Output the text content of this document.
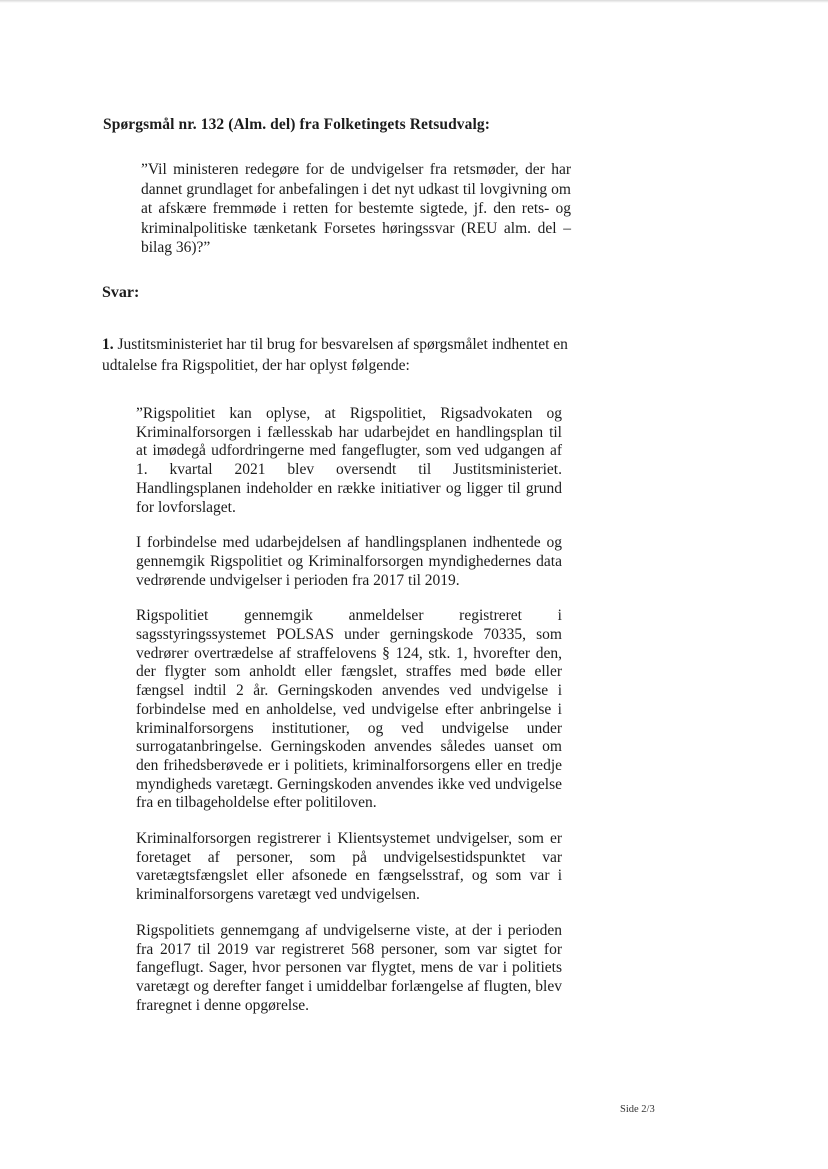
Spørgsmål nr. 132 (Alm. del) fra Folketingets Retsudvalg:

”Vil ministeren redegøre for de undvigelser fra retsmøder, der har dannet grundlaget for anbefalingen i det nyt udkast til lovgivning om at afskære fremmøde i retten for bestemte sigtede, jf. den rets- og kriminalpolitiske tænketank Forsetes høringssvar (REU alm. del – bilag 36)?”

Svar:

1. Justitsministeriet har til brug for besvarelsen af spørgsmålet indhentet en udtalelse fra Rigspolitiet, der har oplyst følgende:

”Rigspolitiet kan oplyse, at Rigspolitiet, Rigsadvokaten og Kriminalforsorgen i fællesskab har udarbejdet en handlingsplan til at imødegå udfordringerne med fangeflugter, som ved udgangen af 1. kvartal 2021 blev oversendt til Justitsministeriet. Handlingsplanen indeholder en række initiativer og ligger til grund for lovforslaget.

I forbindelse med udarbejdelsen af handlingsplanen indhentede og gennemgik Rigspolitiet og Kriminalforsorgen myndighedernes data vedrørende undvigelser i perioden fra 2017 til 2019.

Rigspolitiet gennemgik anmeldelser registreret i sagsstyringssystemet POLSAS under gerningskode 70335, som vedrører overtrædelse af straffelovens § 124, stk. 1, hvorefter den, der flygter som anholdt eller fængslet, straffes med bøde eller fængsel indtil 2 år. Gerningskoden anvendes ved undvigelse i forbindelse med en anholdelse, ved undvigelse efter anbringelse i kriminalforsorgens institutioner, og ved undvigelse under surrogatanbringelse. Gerningskoden anvendes således uanset om den frihedsberøvede er i politiets, kriminalforsorgens eller en tredje myndigheds varetægt. Gerningskoden anvendes ikke ved undvigelse fra en tilbageholdelse efter politiloven.

Kriminalforsorgen registrerer i Klientsystemet undvigelser, som er foretaget af personer, som på undvigelsestidspunktet var varetægtsfængslet eller afsonede en fængselsstraf, og som var i kriminalforsorgens varetægt ved undvigelsen.

Rigspolitiets gennemgang af undvigelserne viste, at der i perioden fra 2017 til 2019 var registreret 568 personer, som var sigtet for fangeflugt. Sager, hvor personen var flygtet, mens de var i politiets varetægt og derefter fanget i umiddelbar forlængelse af flugten, blev fraregnet i denne opgørelse.

Side 2/3
